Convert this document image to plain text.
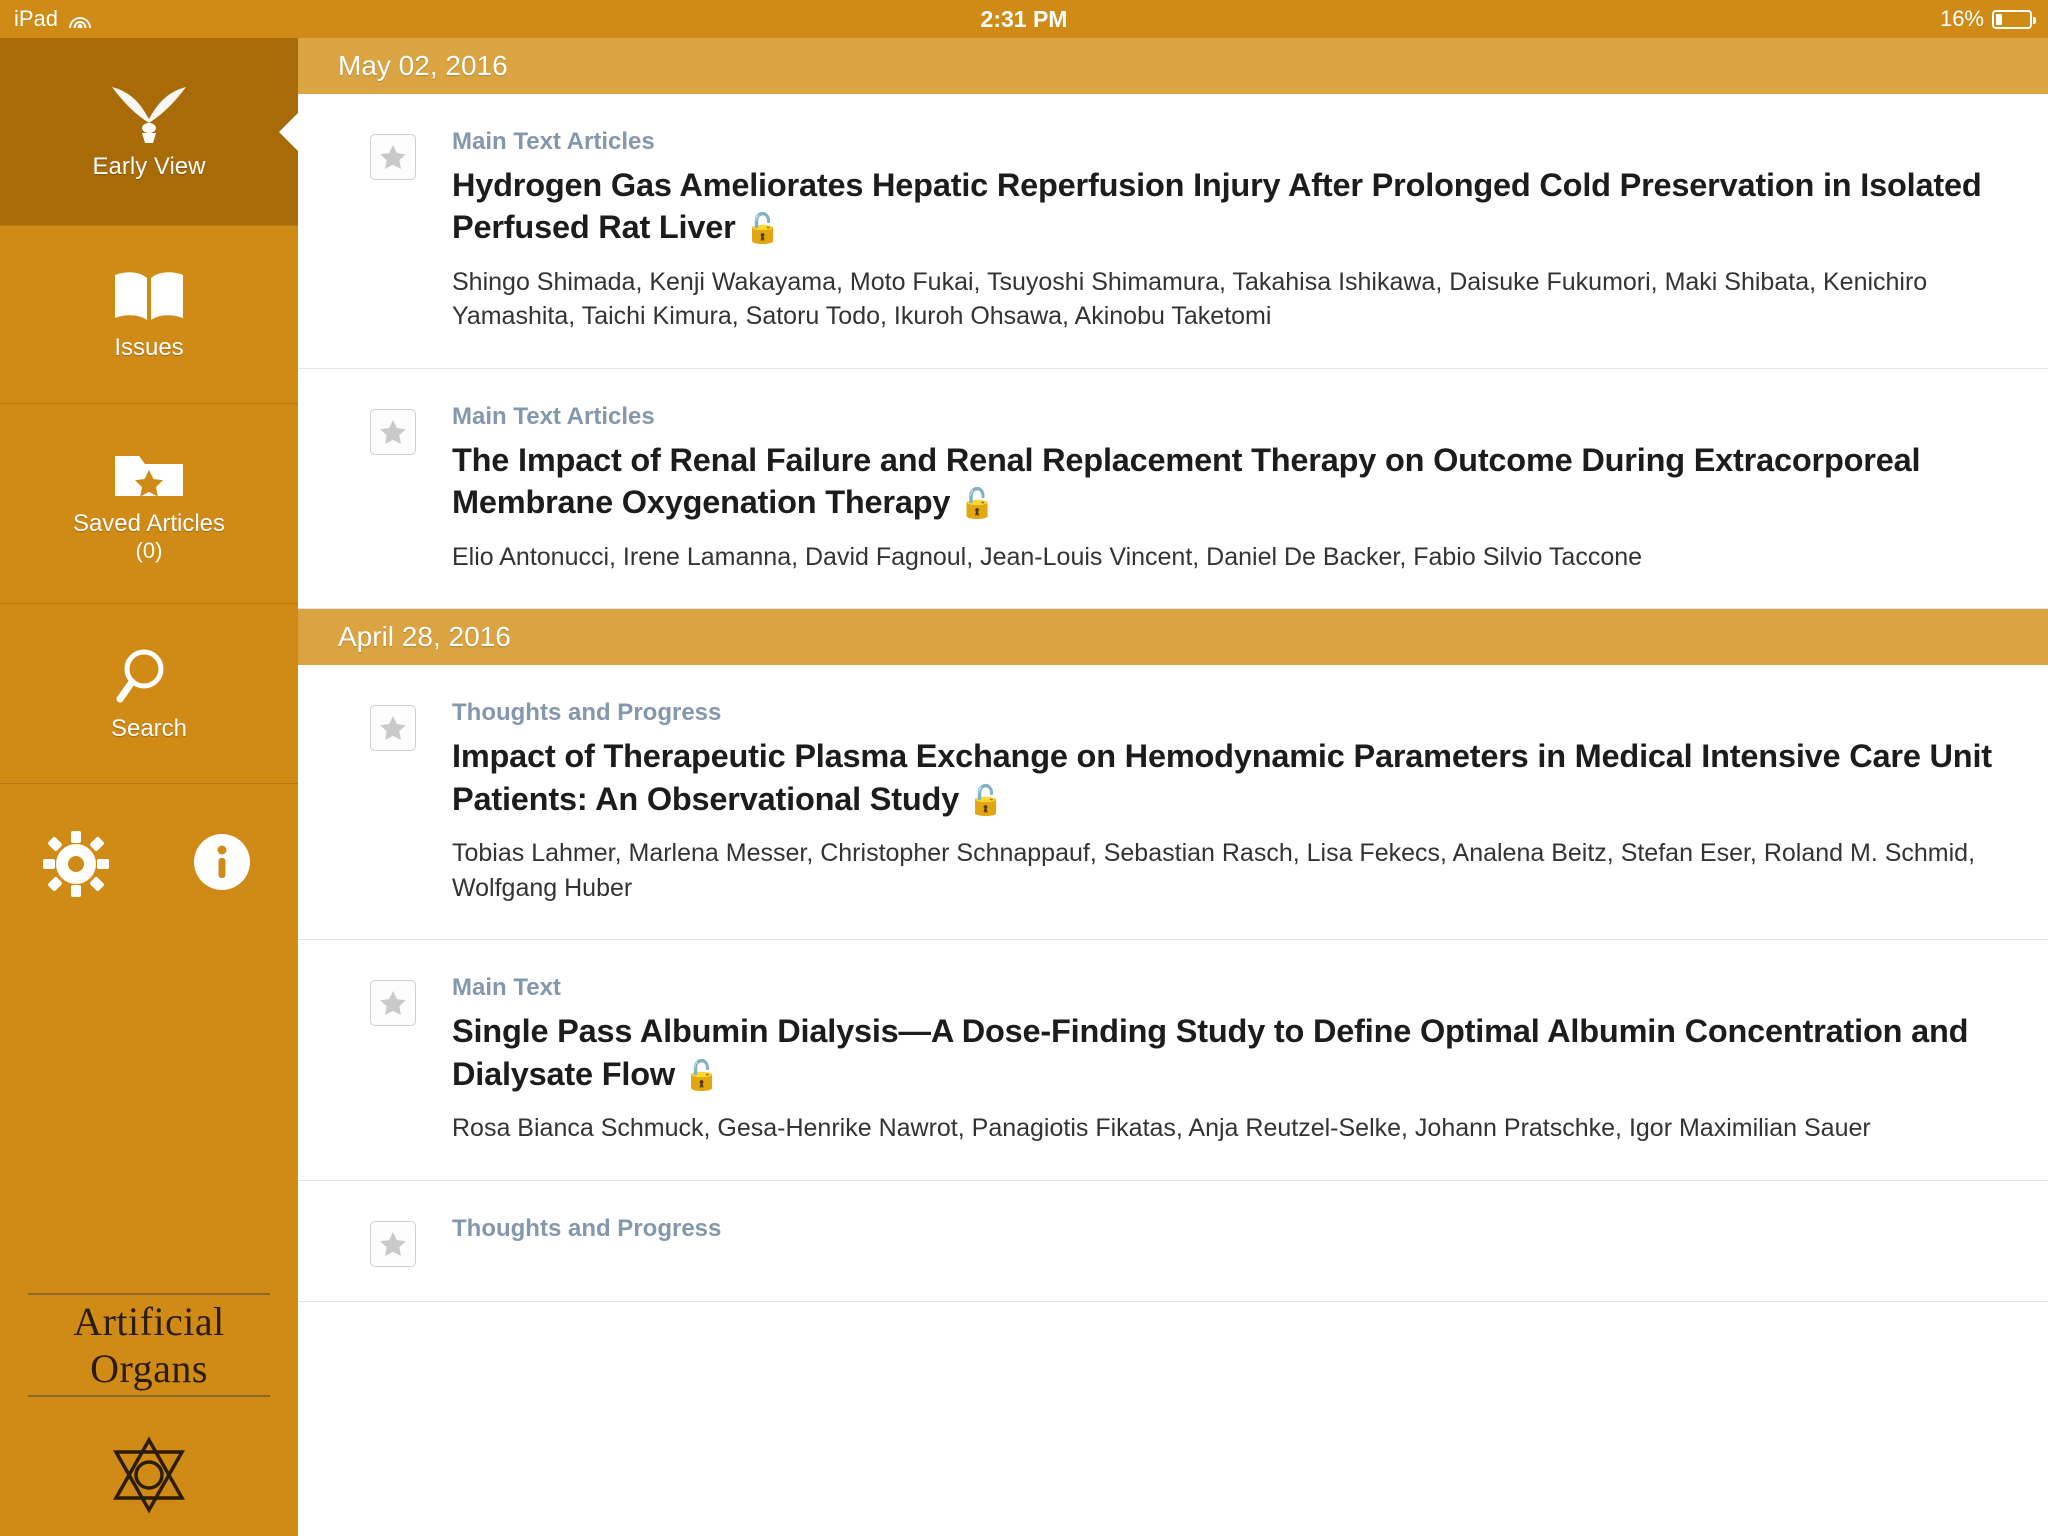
iPad	2:31 PM	16%
Early View
Issues
Saved Articles
(0)
Search
Artificial
Organs
May 02, 2016
Main Text Articles
Hydrogen Gas Ameliorates Hepatic Reperfusion Injury After Prolonged Cold Preservation in Isolated Perfused Rat Liver 🔓
Shingo Shimada, Kenji Wakayama, Moto Fukai, Tsuyoshi Shimamura, Takahisa Ishikawa, Daisuke Fukumori, Maki Shibata, Kenichiro Yamashita, Taichi Kimura, Satoru Todo, Ikuroh Ohsawa, Akinobu Taketomi
Main Text Articles
The Impact of Renal Failure and Renal Replacement Therapy on Outcome During Extracorporeal Membrane Oxygenation Therapy 🔓
Elio Antonucci, Irene Lamanna, David Fagnoul, Jean-Louis Vincent, Daniel De Backer, Fabio Silvio Taccone
April 28, 2016
Thoughts and Progress
Impact of Therapeutic Plasma Exchange on Hemodynamic Parameters in Medical Intensive Care Unit Patients: An Observational Study 🔓
Tobias Lahmer, Marlena Messer, Christopher Schnappauf, Sebastian Rasch, Lisa Fekecs, Analena Beitz, Stefan Eser, Roland M. Schmid, Wolfgang Huber
Main Text
Single Pass Albumin Dialysis—A Dose-Finding Study to Define Optimal Albumin Concentration and Dialysate Flow 🔓
Rosa Bianca Schmuck, Gesa-Henrike Nawrot, Panagiotis Fikatas, Anja Reutzel-Selke, Johann Pratschke, Igor Maximilian Sauer
Thoughts and Progress
